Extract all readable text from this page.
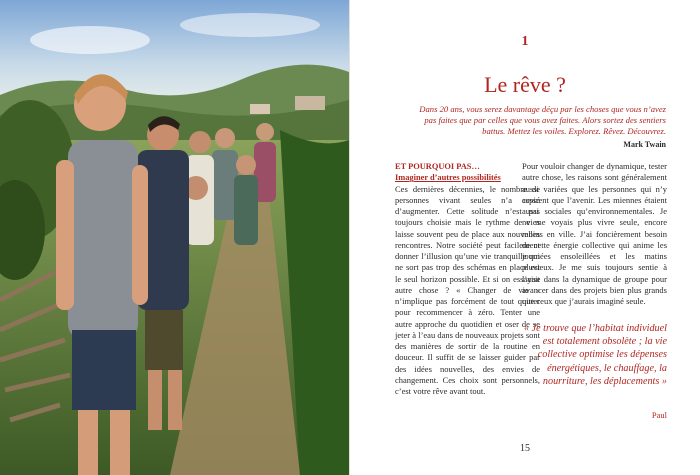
1
Le rêve ?
Dans 20 ans, vous serez davantage déçu par les choses que vous n’avez pas faites que par celles que vous avez faites. Alors sortez des sentiers battus. Mettez les voiles. Explorez. Rêvez. Découvrez.
Mark Twain
ET POURQUOI PAS…
Imaginer d’autres possibilités
Ces dernières décennies, le nombre de personnes vivant seules n’a cessé d’augmenter. Cette solitude n’est pas toujours choisie mais le rythme de vies laisse souvent peu de place aux nouvelles rencontres. Notre société peut facilement donner l’illusion qu’une vie tranquille qui ne sort pas trop des schémas en place est le seul horizon possible. Et si on essayait autre chose ? « Changer de vie » n’implique pas forcément de tout quitter pour recommencer à zéro. Tenter une autre approche du quotidien et oser de se jeter à l’eau dans de nouveaux projets sont des manières de sortir de la routine en douceur. Il suffit de se laisser guider par des idées nouvelles, des envies de changement. Ces choix sont personnels, c’est votre rêve avant tout.
Pour vouloir changer de dynamique, tester autre chose, les raisons sont généralement aussi variées que les personnes qui n’y aspirent que l’avenir. Les miennes étaient aussi sociales qu’environnementales. Je ne me voyais plus vivre seule, encore moins en ville. J’ai foncièrement besoin de cette énergie collective qui anime les journées ensoleillées et les matins pluvieux. Je me suis toujours sentie à l’aise dans la dynamique de groupe pour avancer dans des projets bien plus grands que ceux que j’aurais imaginé seule.
« Je trouve que l’habitat individuel est totalement obsolète ; la vie collective optimise les dépenses énergétiques, le chauffage, la nourriture, les déplacements »
Paul
15
